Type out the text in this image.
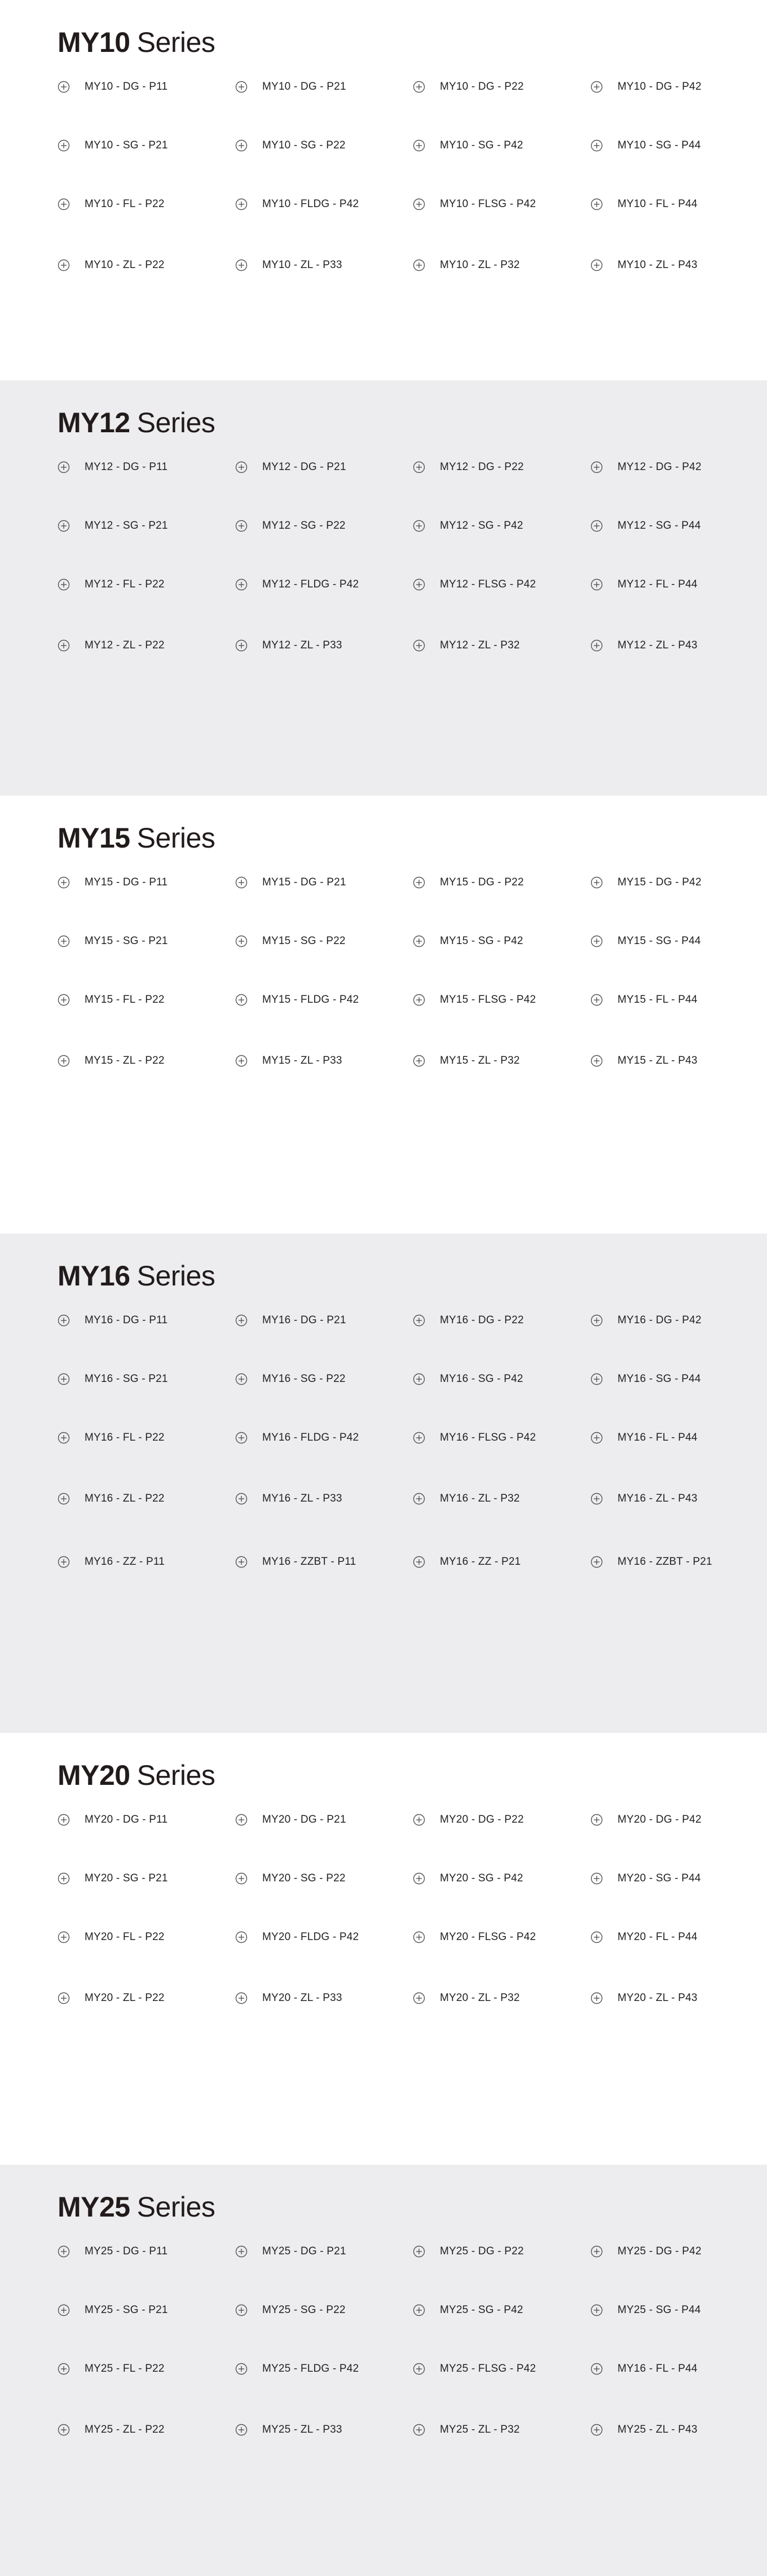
MY10 Series
MY10 - DG - P11	MY10 - DG - P21	MY10 - DG - P22	MY10 - DG - P42
MY10 - SG - P21	MY10 - SG - P22	MY10 - SG - P42	MY10 - SG - P44
MY10 - FL - P22	MY10 - FLDG - P42	MY10 - FLSG - P42	MY10 - FL - P44
MY10 - ZL - P22	MY10 - ZL - P33	MY10 - ZL - P32	MY10 - ZL - P43
MY12 Series
MY12 - DG - P11	MY12 - DG - P21	MY12 - DG - P22	MY12 - DG - P42
MY12 - SG - P21	MY12 - SG - P22	MY12 - SG - P42	MY12 - SG - P44
MY12 - FL - P22	MY12 - FLDG - P42	MY12 - FLSG - P42	MY12 - FL - P44
MY12 - ZL - P22	MY12 - ZL - P33	MY12 - ZL - P32	MY12 - ZL - P43
MY15 Series
MY15 - DG - P11	MY15 - DG - P21	MY15 - DG - P22	MY15 - DG - P42
MY15 - SG - P21	MY15 - SG - P22	MY15 - SG - P42	MY15 - SG - P44
MY15 - FL - P22	MY15 - FLDG - P42	MY15 - FLSG - P42	MY15 - FL - P44
MY15 - ZL - P22	MY15 - ZL - P33	MY15 - ZL - P32	MY15 - ZL - P43
MY16 Series
MY16 - DG - P11	MY16 - DG - P21	MY16 - DG - P22	MY16 - DG - P42
MY16 - SG - P21	MY16 - SG - P22	MY16 - SG - P42	MY16 - SG - P44
MY16 - FL - P22	MY16 - FLDG - P42	MY16 - FLSG - P42	MY16 - FL - P44
MY16 - ZL - P22	MY16 - ZL - P33	MY16 - ZL - P32	MY16 - ZL - P43
MY16 - ZZ - P11	MY16 - ZZBT - P11	MY16 - ZZ - P21	MY16 - ZZBT - P21
MY20 Series
MY20 - DG - P11	MY20 - DG - P21	MY20 - DG - P22	MY20 - DG - P42
MY20 - SG - P21	MY20 - SG - P22	MY20 - SG - P42	MY20 - SG - P44
MY20 - FL - P22	MY20 - FLDG - P42	MY20 - FLSG - P42	MY20 - FL - P44
MY20 - ZL - P22	MY20 - ZL - P33	MY20 - ZL - P32	MY20 - ZL - P43
MY25 Series
MY25 - DG - P11	MY25 - DG - P21	MY25 - DG - P22	MY25 - DG - P42
MY25 - SG - P21	MY25 - SG - P22	MY25 - SG - P42	MY25 - SG - P44
MY25 - FL - P22	MY25 - FLDG - P42	MY25 - FLSG - P42	MY16 - FL - P44
MY25 - ZL - P22	MY25 - ZL - P33	MY25 - ZL - P32	MY25 - ZL - P43
